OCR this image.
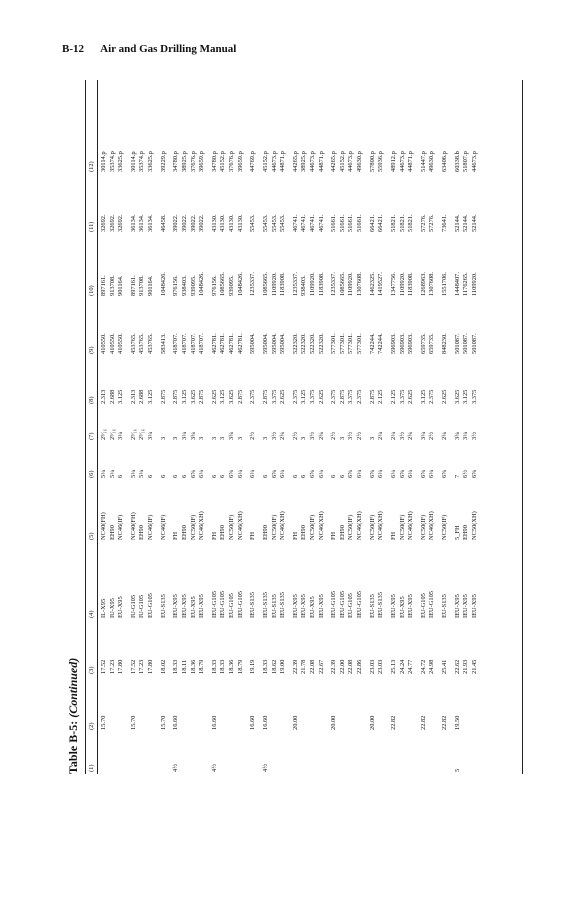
B-12 Air and Gas Drilling Manual
Table B-5: (Continued)
(1)
(2)
(3)
(4)
(5)
(6)
(7)
(8)
(9)
(10)
(11)
(12)
15.70
17.52
IL-X95
NC40(FH)
5¼
2⁹⁄₁₆
2.313
410550.
897161.
32692.
30114.p
17.23
IU-X95
EH90
5¼
2⁹⁄₁₆
2.688
410550.
913708.
32692.
35374.p
17.80
EU-X95
NC46(IF)
6
3¼
3.125
410550.
901164.
32692.
33625.p
15.70
17.52
IU-G105
NC40(FH)
5¼
2⁹⁄₁₆
2.313
453765.
897161.
36134.
30114.p
17.23
IU-G105
EH90
5¼
2⁹⁄₁₆
2.688
453765.
913708.
36134.
35374.p
17.80
EU-G105
NC46(IF)
6
3¼
3.125
453765.
901164.
36134.
33625.p
15.70
18.02
EU-S135
NC46(IF)
6
3
2.875
583413.
1048426.
46458.
39229.p
4½
16.60
18.33
IEU-X95
FH
6
3
2.875
418707.
976156.
39022.
34780.p
18.11
IEU-X95
EH90
6
3¼
3.125
418707.
938403.
39022.
38925.p
18.36
EU-X95
NC50(IF)
6⅝
3¾
3.625
418707.
939095.
39022.
37676.p
18.79
IEU-X95
NC46(XH)
6¼
3
2.875
418707.
1048426.
39022.
39659.p
4½
16.60
18.33
IEU-G105
FH
6
3
2.625
462781.
976156.
43130.
34780.p
18.33
IEU-G105
EH90
6
3
3.125
462781.
1085665.
43130.
45152.p
18.36
EU-G105
NC50(IF)
6⅝
3¾
3.625
462781.
939095.
43130.
37676.p
18.79
IEU-G105
NC46(XH)
6¼
3
2.875
462781.
1048426.
43130.
39659.p
16.60
19.19
IEU-S135
FH
6¼
2½
2.375
595004.
1235337.
55453.
44769.p
4½
16.60
18.33
IEU-S135
EH90
6
3
2.875
595004.
1085665.
55453.
45152.p
18.62
EU-S135
NC50(IF)
6⅝
3½
3.375
595004.
1109920.
55453.
44673.p
19.00
IEU-S135
NC46(XH)
6¼
2¾
2.625
595004.
1183908.
55453.
44871.p
20.00
22.39
IEU-X95
FH
6
2½
2.375
522320.
1235337.
46741.
44265.p
21.78
IEU-X95
EH90
6
3
3.125
522320.
938403.
46741.
38925.p
22.08
EU-X95
NC50(IF)
6⅝
3½
3.375
522320.
1109920.
46741.
44673.p
22.67
IEU-X95
NC46(XH)
6¼
2¾
2.625
522320.
1183908.
46741.
44871.p
20.00
22.39
IEU-G105
FH
6
2½
2.375
577301.
1235337.
51661.
44265.p
22.00
IEU-G105
EH90
6
3
2.875
577301.
1085665.
51661.
45152.p
22.08
EU-G105
NC50(IF)
6⅝
3½
3.375
577301.
1109920.
51661.
44673.p
22.86
IEU-G105
NC46(XH)
6¼
2½
2.375
577301.
1307608.
51661.
49630.p
20.00
23.03
EU-S135
NC50(IF)
6⅝
3
2.875
742244.
1462325.
66421.
57800.p
23.03
IEU-S135
NC46(XH)
6¼
2¼
2.125
742244.
1419527.
66421.
55936.p
22.82
25.13
IEU-X95
FH
6¼
2¼
2.125
596903.
1347756.
51821.
48912.p
24.24
EU-X95
NC50(IF)
6⅝
3½
3.375
596903.
1109920.
51821.
44673.p
24.77
IEU-X95
NC46(XH)
6¼
2¾
2.625
596903.
1183908.
51821.
44871.p
22.82
24.72
EU-G105
NC50(IF)
6⅝
3¼
3.125
659735.
1268963.
57276.
51447.p
24.98
IEU-G105
NC46(XH)
6¼
2½
2.375
659735.
1307608.
57276.
49630.p
22.82
25.41
EU-S135
NC50(IF)
6⅝
2¾
2.625
848230.
1551706.
73641.
63406.p
5
19.50
22.62
IEU-X95
5_FH
7
3¾
3.625
501087.
1448407.
52144.
60338.b
21.93
IEU-X95
EH90
6½
3¼
3.125
501087.
1176265.
52144.
51807.p
21.45
IEU-X95
NC50(XH)
6⅝
3½
3.375
501087.
1109920.
52144.
44673.p
